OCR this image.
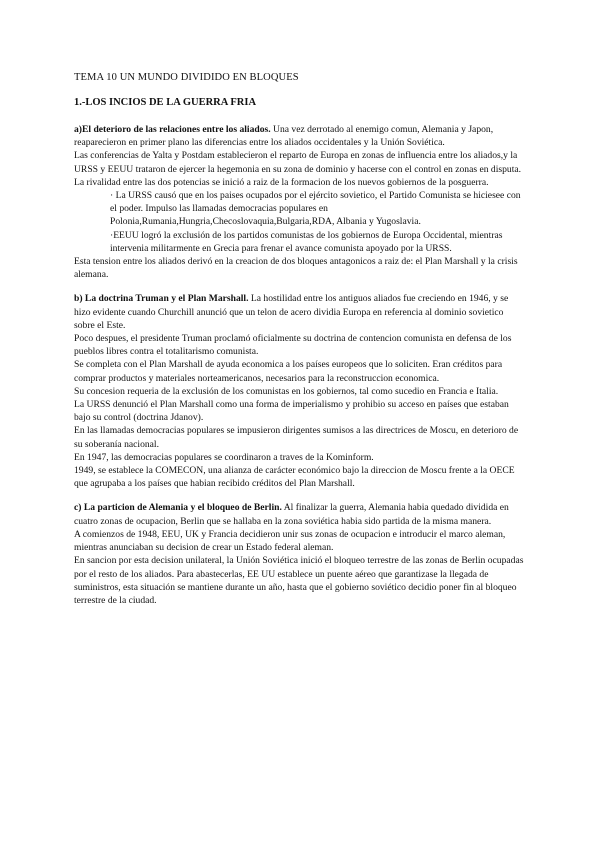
TEMA 10 UN MUNDO DIVIDIDO EN BLOQUES
1.-LOS INCIOS DE LA GUERRA FRIA

a)El deterioro de las relaciones entre los aliados. Una vez derrotado al enemigo comun, Alemania y Japon, reaparecieron en primer plano las diferencias entre los aliados occidentales y la Unión Soviética.

Las conferencias de Yalta y Postdam establecieron el reparto de Europa en zonas de influencia entre los aliados,y la URSS y EEUU trataron de ejercer la hegemonia en su zona de dominio y hacerse con el control en zonas en disputa.

La rivalidad entre las dos potencias se inició a raiz de la formacion de los nuevos gobiernos de la posguerra.

· La URSS causó que en los paises ocupados por el ejército sovietico, el Partido Comunista se hiciesee con el poder. Impulso las llamadas democracias populares en Polonia,Rumania,Hungria,Checoslovaquia,Bulgaria,RDA, Albania y Yugoslavia.

·EEUU logró la exclusión de los partidos comunistas de los gobiernos de Europa Occidental, mientras intervenia militarmente en Grecia para frenar el avance comunista apoyado por la URSS.

Esta tension entre los aliados derivó en la creacion de dos bloques antagonicos a raiz de: el Plan Marshall y la crisis alemana.

b) La doctrina Truman y el Plan Marshall. La hostilidad entre los antiguos aliados fue creciendo en 1946, y se hizo evidente cuando Churchill anunció que un telon de acero dividia Europa en referencia al dominio sovietico sobre el Este.

Poco despues, el presidente Truman proclamó oficialmente su doctrina de contencion comunista en defensa de los pueblos libres contra el totalitarismo comunista.

Se completa con el Plan Marshall de ayuda economica a los países europeos que lo soliciten. Eran créditos para comprar productos y materiales norteamericanos, necesarios para la reconstruccion economica.

Su concesion requeria de la exclusión de los comunistas en los gobiernos, tal como sucedio en Francia e Italia.

La URSS denunció el Plan Marshall como una forma de imperialismo y prohibio su acceso en países que estaban bajo su control (doctrina Jdanov).

En las llamadas democracias populares se impusieron dirigentes sumisos a las directrices de Moscu, en deterioro de su soberanía nacional.

En 1947, las democracias populares se coordinaron a traves de la Kominform.

1949, se establece la COMECON, una alianza de carácter económico bajo la direccion de Moscu frente a la OECE que agrupaba a los países que habian recibido créditos del Plan Marshall.

c) La particion de Alemania y el bloqueo de Berlin. Al finalizar la guerra, Alemania habia quedado dividida en cuatro zonas de ocupacion, Berlin que se hallaba en la zona soviética habia sido partida de la misma manera.

A comienzos de 1948, EEU, UK y Francia decidieron unir sus zonas de ocupacion e introducir el marco aleman, mientras anunciaban su decision de crear un Estado federal aleman.

En sancion por esta decision unilateral, la Unión Soviética inició el bloqueo terrestre de las zonas de Berlin ocupadas por el resto de los aliados. Para abastecerlas, EE UU establece un puente aéreo que garantizase la llegada de suministros, esta situación se mantiene durante un año, hasta que el gobierno soviético decidio poner fin al bloqueo terrestre de la ciudad.
